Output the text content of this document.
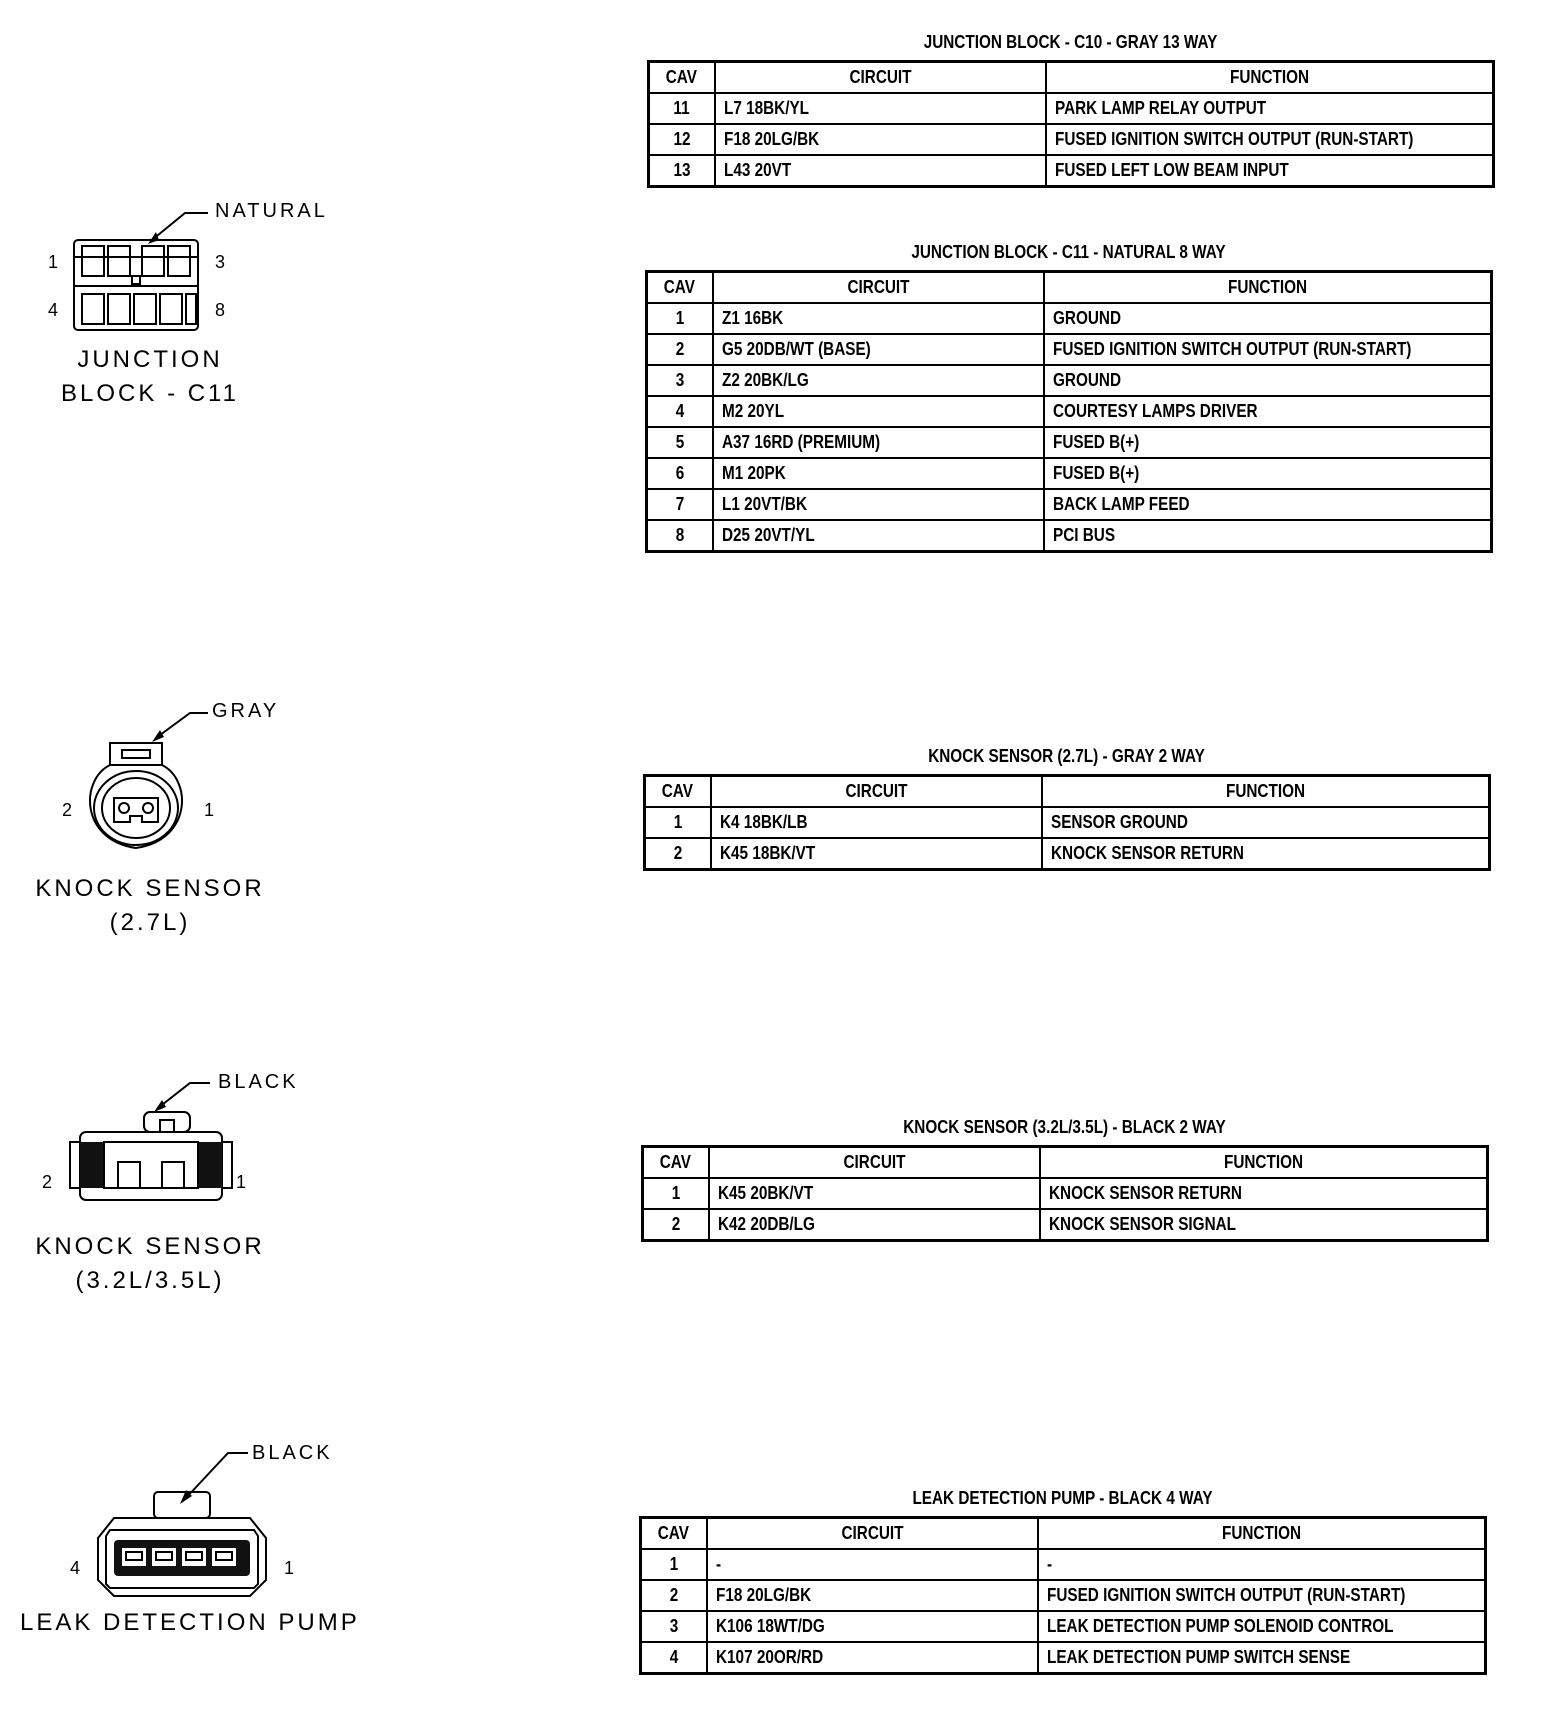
NATURAL
1	3
4	8
JUNCTION
BLOCK - C11
GRAY
2	1
KNOCK SENSOR
(2.7L)
BLACK
2	1
KNOCK SENSOR
(3.2L/3.5L)
BLACK
4	1
LEAK DETECTION PUMP
JUNCTION BLOCK - C10 - GRAY 13 WAY
CAV	CIRCUIT	FUNCTION
11	L7 18BK/YL	PARK LAMP RELAY OUTPUT
12	F18 20LG/BK	FUSED IGNITION SWITCH OUTPUT (RUN-START)
13	L43 20VT	FUSED LEFT LOW BEAM INPUT
JUNCTION BLOCK - C11 - NATURAL 8 WAY
CAV	CIRCUIT	FUNCTION
1	Z1 16BK	GROUND
2	G5 20DB/WT (BASE)	FUSED IGNITION SWITCH OUTPUT (RUN-START)
3	Z2 20BK/LG	GROUND
4	M2 20YL	COURTESY LAMPS DRIVER
5	A37 16RD (PREMIUM)	FUSED B(+)
6	M1 20PK	FUSED B(+)
7	L1 20VT/BK	BACK LAMP FEED
8	D25 20VT/YL	PCI BUS
KNOCK SENSOR (2.7L) - GRAY 2 WAY
CAV	CIRCUIT	FUNCTION
1	K4 18BK/LB	SENSOR GROUND
2	K45 18BK/VT	KNOCK SENSOR RETURN
KNOCK SENSOR (3.2L/3.5L) - BLACK 2 WAY
CAV	CIRCUIT	FUNCTION
1	K45 20BK/VT	KNOCK SENSOR RETURN
2	K42 20DB/LG	KNOCK SENSOR SIGNAL
LEAK DETECTION PUMP - BLACK 4 WAY
CAV	CIRCUIT	FUNCTION
1	-	-
2	F18 20LG/BK	FUSED IGNITION SWITCH OUTPUT (RUN-START)
3	K106 18WT/DG	LEAK DETECTION PUMP SOLENOID CONTROL
4	K107 20OR/RD	LEAK DETECTION PUMP SWITCH SENSE
